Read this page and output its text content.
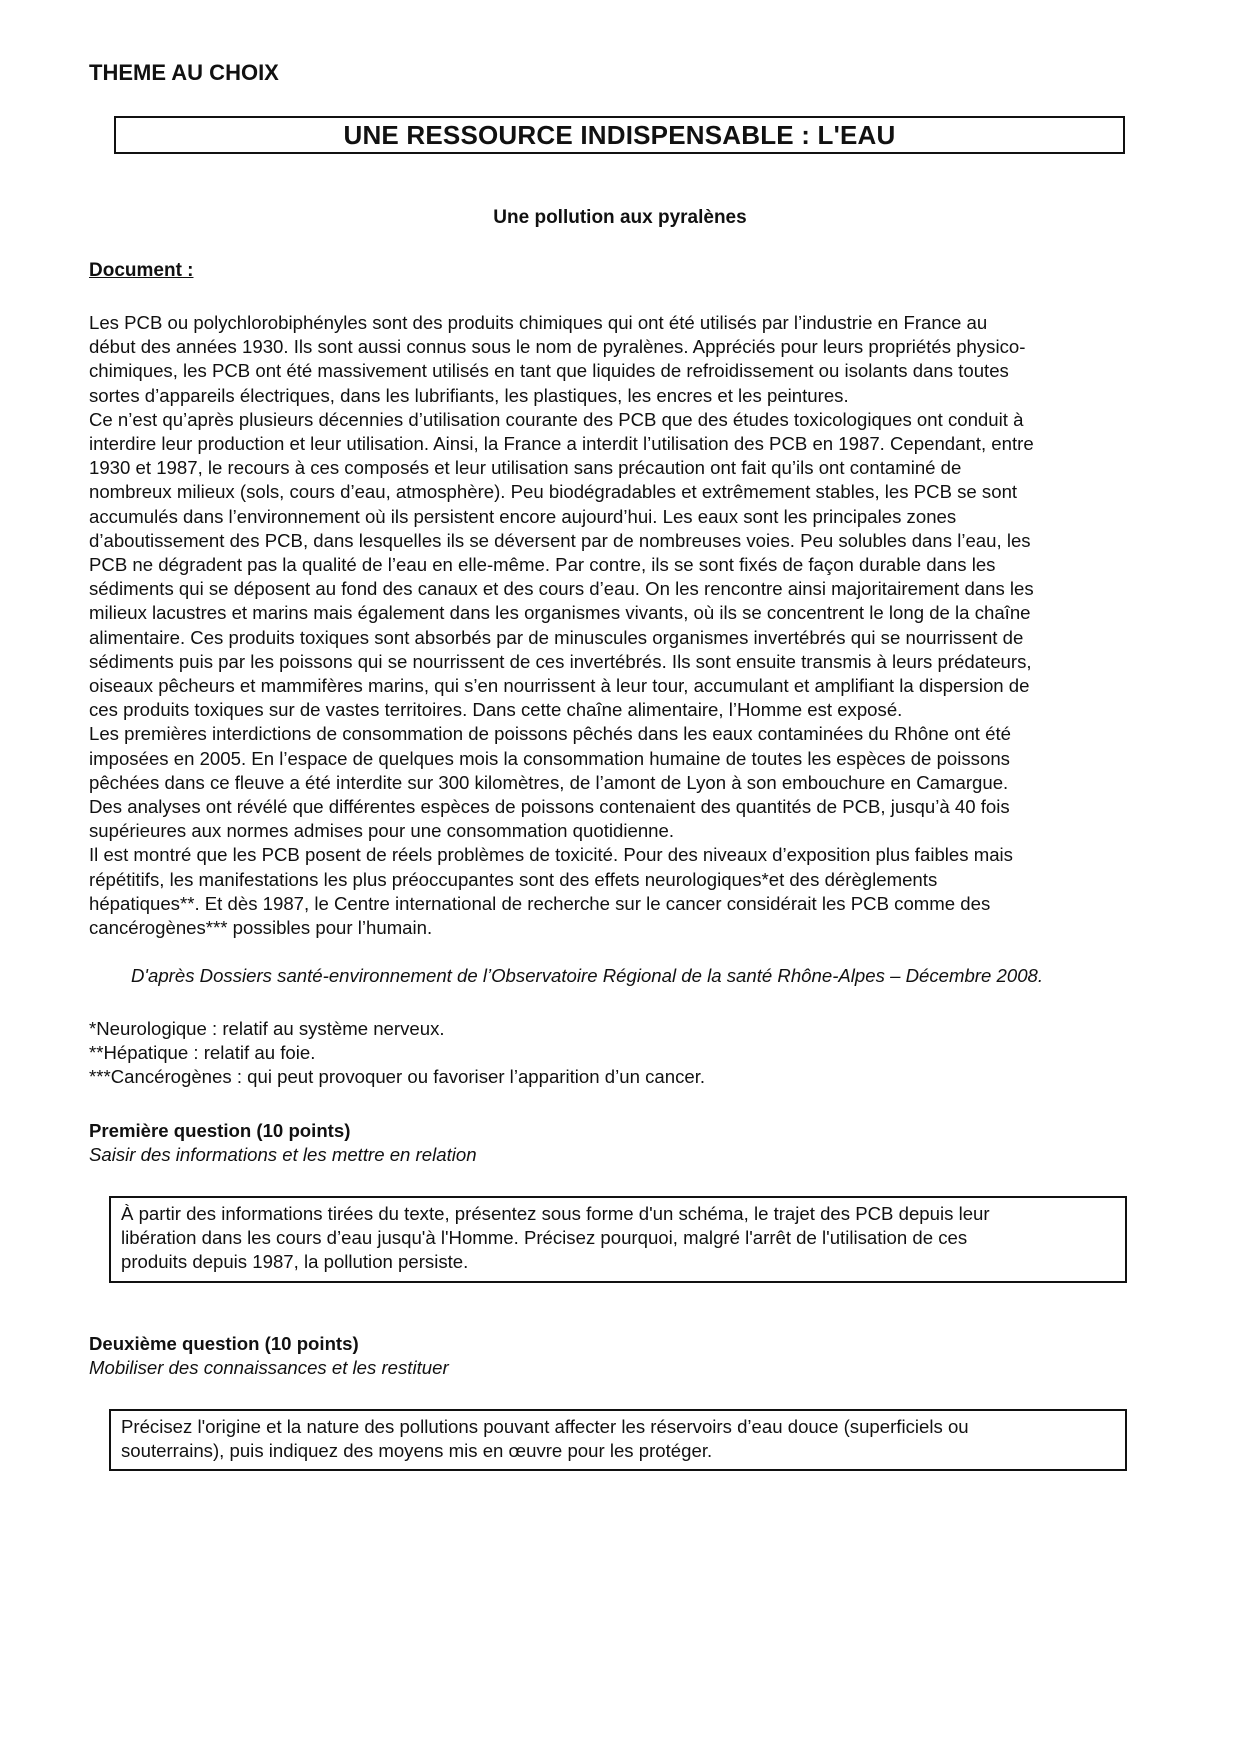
THEME AU CHOIX

UNE RESSOURCE INDISPENSABLE : L'EAU

Une pollution aux pyralènes

Document :

Les PCB ou polychlorobiphényles sont des produits chimiques qui ont été utilisés par l’industrie en France au
début des années 1930. Ils sont aussi connus sous le nom de pyralènes. Appréciés pour leurs propriétés physico-
chimiques, les PCB ont été massivement utilisés en tant que liquides de refroidissement ou isolants dans toutes
sortes d’appareils électriques, dans les lubrifiants, les plastiques, les encres et les peintures.
Ce n’est qu’après plusieurs décennies d’utilisation courante des PCB que des études toxicologiques ont conduit à
interdire leur production et leur utilisation. Ainsi, la France a interdit l’utilisation des PCB en 1987. Cependant, entre
1930 et 1987, le recours à ces composés et leur utilisation sans précaution ont fait qu’ils ont contaminé de
nombreux milieux (sols, cours d’eau, atmosphère). Peu biodégradables et extrêmement stables, les PCB se sont
accumulés dans l’environnement où ils persistent encore aujourd’hui. Les eaux sont les principales zones
d’aboutissement des PCB, dans lesquelles ils se déversent par de nombreuses voies. Peu solubles dans l’eau, les
PCB ne dégradent pas la qualité de l’eau en elle-même. Par contre, ils se sont fixés de façon durable dans les
sédiments qui se déposent au fond des canaux et des cours d’eau. On les rencontre ainsi majoritairement dans les
milieux lacustres et marins mais également dans les organismes vivants, où ils se concentrent le long de la chaîne
alimentaire. Ces produits toxiques sont absorbés par de minuscules organismes invertébrés qui se nourrissent de
sédiments puis par les poissons qui se nourrissent de ces invertébrés. Ils sont ensuite transmis à leurs prédateurs,
oiseaux pêcheurs et mammifères marins, qui s’en nourrissent à leur tour, accumulant et amplifiant la dispersion de
ces produits toxiques sur de vastes territoires. Dans cette chaîne alimentaire, l’Homme est exposé.
Les premières interdictions de consommation de poissons pêchés dans les eaux contaminées du Rhône ont été
imposées en 2005. En l’espace de quelques mois la consommation humaine de toutes les espèces de poissons
pêchées dans ce fleuve a été interdite sur 300 kilomètres, de l’amont de Lyon à son embouchure en Camargue.
Des analyses ont révélé que différentes espèces de poissons contenaient des quantités de PCB, jusqu’à 40 fois
supérieures aux normes admises pour une consommation quotidienne.
Il est montré que les PCB posent de réels problèmes de toxicité. Pour des niveaux d’exposition plus faibles mais
répétitifs, les manifestations les plus préoccupantes sont des effets neurologiques*et des dérèglements
hépatiques**. Et dès 1987, le Centre international de recherche sur le cancer considérait les PCB comme des
cancérogènes*** possibles pour l’humain.

D'après Dossiers santé-environnement de l’Observatoire Régional de la santé Rhône-Alpes – Décembre 2008.

*Neurologique : relatif au système nerveux.
**Hépatique : relatif au foie.
***Cancérogènes : qui peut provoquer ou favoriser l’apparition d’un cancer.

Première question (10 points)

Saisir des informations et les mettre en relation

À partir des informations tirées du texte, présentez sous forme d'un schéma, le trajet des PCB depuis leur
libération dans les cours d’eau jusqu'à l'Homme. Précisez pourquoi, malgré l'arrêt de l'utilisation de ces
produits depuis 1987, la pollution persiste.

Deuxième question (10 points)

Mobiliser des connaissances et les restituer

Précisez l'origine et la nature des pollutions pouvant affecter les réservoirs d’eau douce (superficiels ou
souterrains), puis indiquez des moyens mis en œuvre pour les protéger.
